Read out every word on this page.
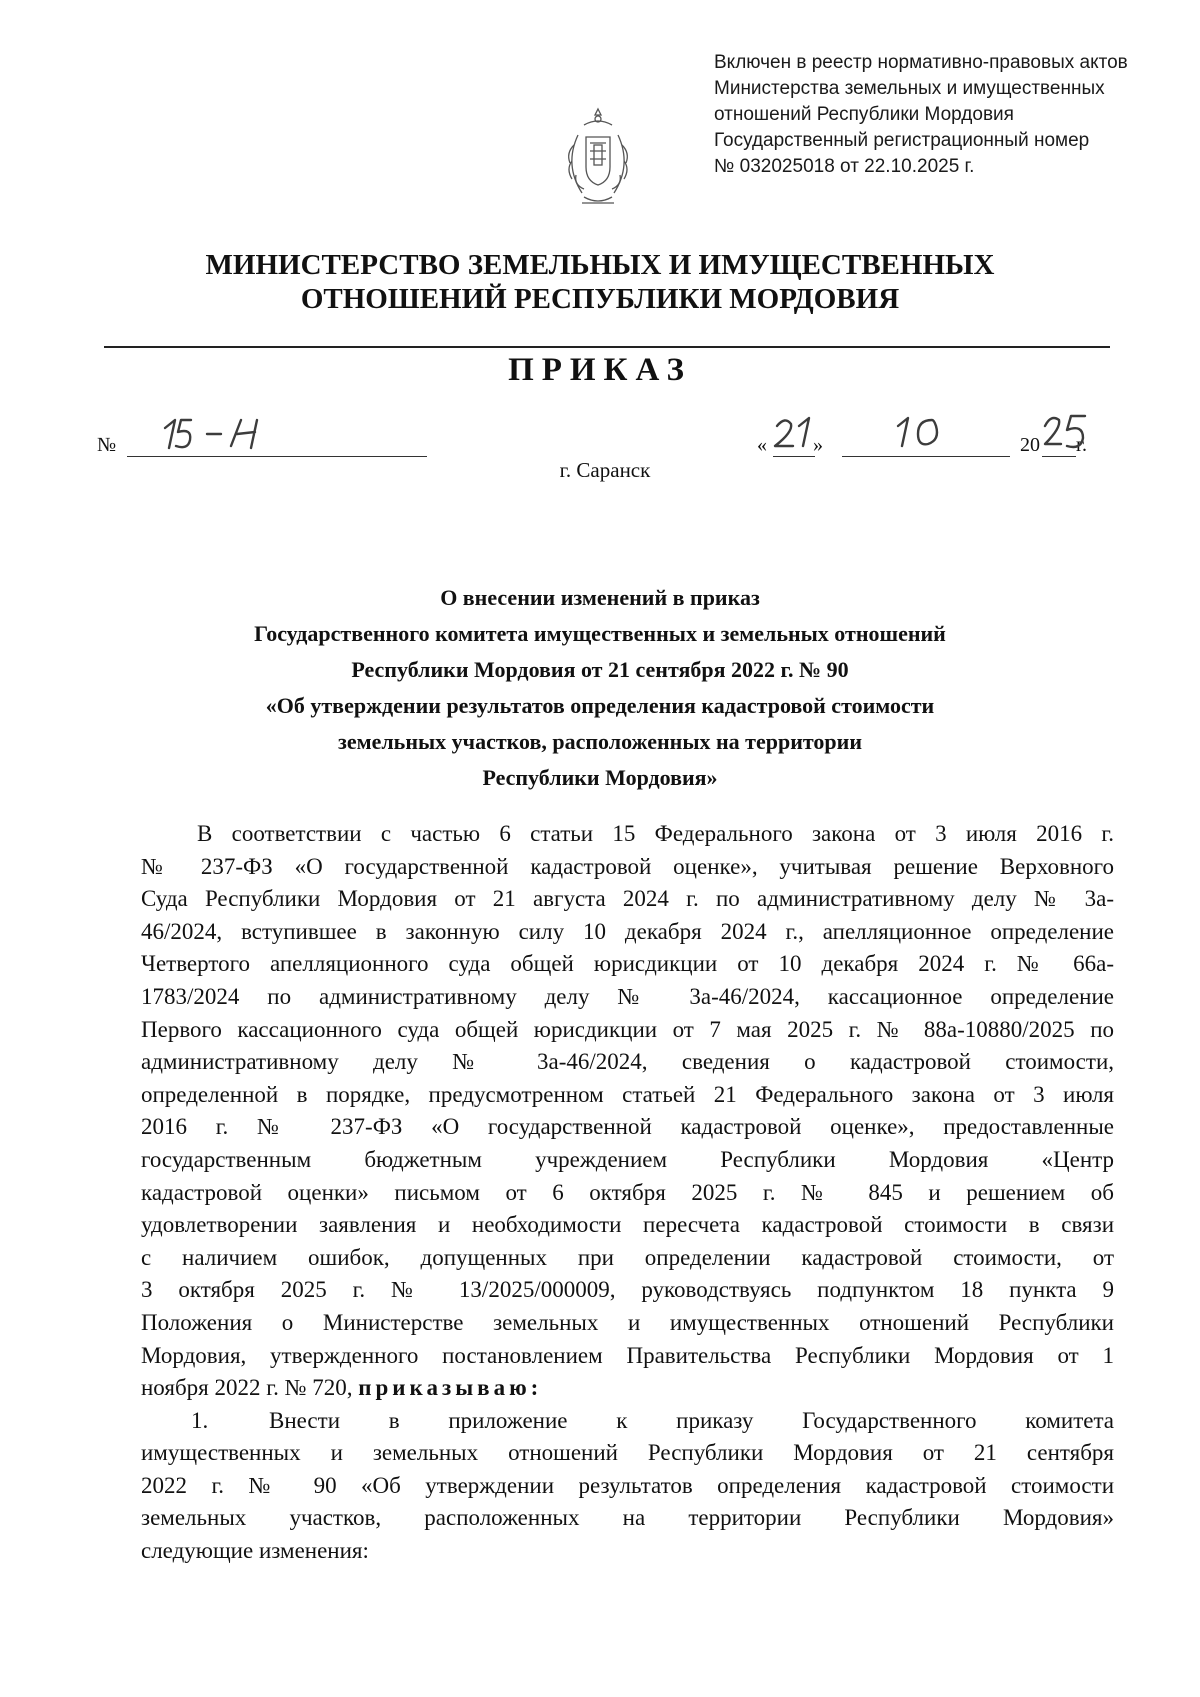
Включен в реестр нормативно-правовых актов
Министерства земельных и имущественных
отношений Республики Мордовия
Государственный регистрационный номер
№ 032025018 от 22.10.2025 г.
МИНИСТЕРСТВО ЗЕМЕЛЬНЫХ И ИМУЩЕСТВЕННЫХ
ОТНОШЕНИЙ РЕСПУБЛИКИ МОРДОВИЯ
ПРИКАЗ
№	« »	20 г.
г. Саранск
О внесении изменений в приказ
Государственного комитета имущественных и земельных отношений
Республики Мордовия от 21 сентября 2022 г. № 90
«Об утверждении результатов определения кадастровой стоимости
земельных участков, расположенных на территории
Республики Мордовия»
В соответствии с частью 6 статьи 15 Федерального закона от 3 июля 2016 г.
№ 237-ФЗ «О государственной кадастровой оценке», учитывая решение Верховного
Суда Республики Мордовия от 21 августа 2024 г. по административному делу № 3а-
46/2024, вступившее в законную силу 10 декабря 2024 г., апелляционное определение
Четвертого апелляционного суда общей юрисдикции от 10 декабря 2024 г. № 66а-
1783/2024 по административному делу № 3а-46/2024, кассационное определение
Первого кассационного суда общей юрисдикции от 7 мая 2025 г. № 88а-10880/2025 по
административному делу № 3а-46/2024, сведения о кадастровой стоимости,
определенной в порядке, предусмотренном статьей 21 Федерального закона от 3 июля
2016 г. № 237-ФЗ «О государственной кадастровой оценке», предоставленные
государственным бюджетным учреждением Республики Мордовия «Центр
кадастровой оценки» письмом от 6 октября 2025 г. № 845 и решением об
удовлетворении заявления и необходимости пересчета кадастровой стоимости в связи
с наличием ошибок, допущенных при определении кадастровой стоимости, от
3 октября 2025 г. № 13/2025/000009, руководствуясь подпунктом 18 пункта 9
Положения о Министерстве земельных и имущественных отношений Республики
Мордовия, утвержденного постановлением Правительства Республики Мордовия от 1
ноября 2022 г. № 720, приказываю:
1.	Внести в приложение к приказу Государственного комитета
имущественных и земельных отношений Республики Мордовия от 21 сентября
2022 г. № 90 «Об утверждении результатов определения кадастровой стоимости
земельных участков, расположенных на территории Республики Мордовия»
следующие изменения:
